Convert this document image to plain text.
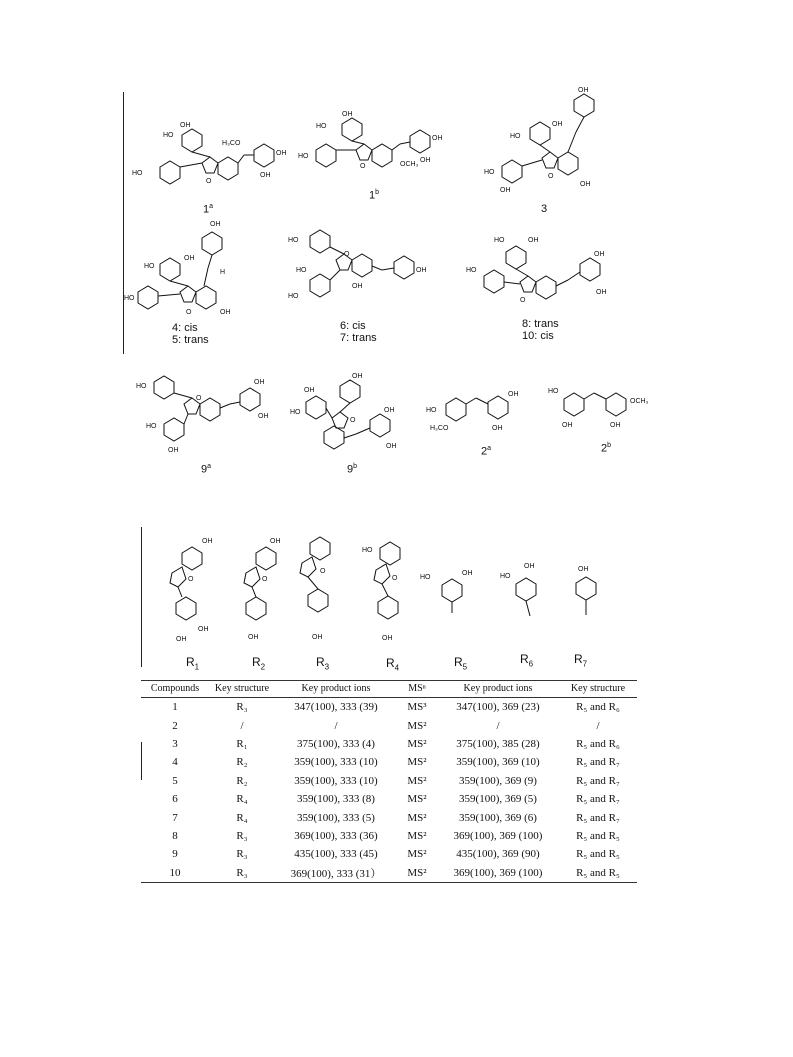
HO
OH
HO
O
H₃CO
OH
OH
1$^a$
HO
OH
HO
O
OH
OH
OCH₃
1$^b$
OH
OH
HO
HO
OH
O
OH
3
OH
OH
HO
HO
H
O	OH
4: cis
5: trans
HO
HO
HO
O
OH
OH
6: cis
7: trans
HO	OH
HO
O
OH
OH
8: trans
10: cis
HO
O
OH
OH
HO
OH
9$^a$
OH
OH
HO
O
OH
OH
9$^b$
HO
H₃CO
OH
OH
2$^a$
HO
OCH₃
OH	OH
2$^b$
OH
O
OH
OH
OH
O
OH
O
OH
HO
O
OH
HO
OH	HO
OH	OH
$R_1$	$R_2$	$R_3$	$R_4$	$R_5$
$R_6$	$R_7$
Compounds	Key structure	Key product ions	MSⁿ	Key product ions	Key structure
1	R₃	347(100), 333 (39)	MS³	347(100), 369 (23)	R₅ and R₆
2	/	/	MS²	/	/
3	R₁	375(100), 333 (4)	MS²	375(100), 385 (28)	R₅ and R₆
4	R₂	359(100), 333 (10)	MS²	359(100), 369 (10)	R₅ and R₇
5	R₂	359(100), 333 (10)	MS²	359(100), 369 (9)	R₅ and R₇
6	R₄	359(100), 333 (8)	MS²	359(100), 369 (5)	R₅ and R₇
7	R₄	359(100), 333 (5)	MS²	359(100), 369 (6)	R₅ and R₇
8	R₃	369(100), 333 (36)	MS²	369(100), 369 (100)	R₅ and R₅
9	R₃	435(100), 333 (45)	MS²	435(100), 369 (90)	R₅ and R₅
10	R₃	369(100), 333 (31）	MS²	369(100), 369 (100)	R₅ and R₅
